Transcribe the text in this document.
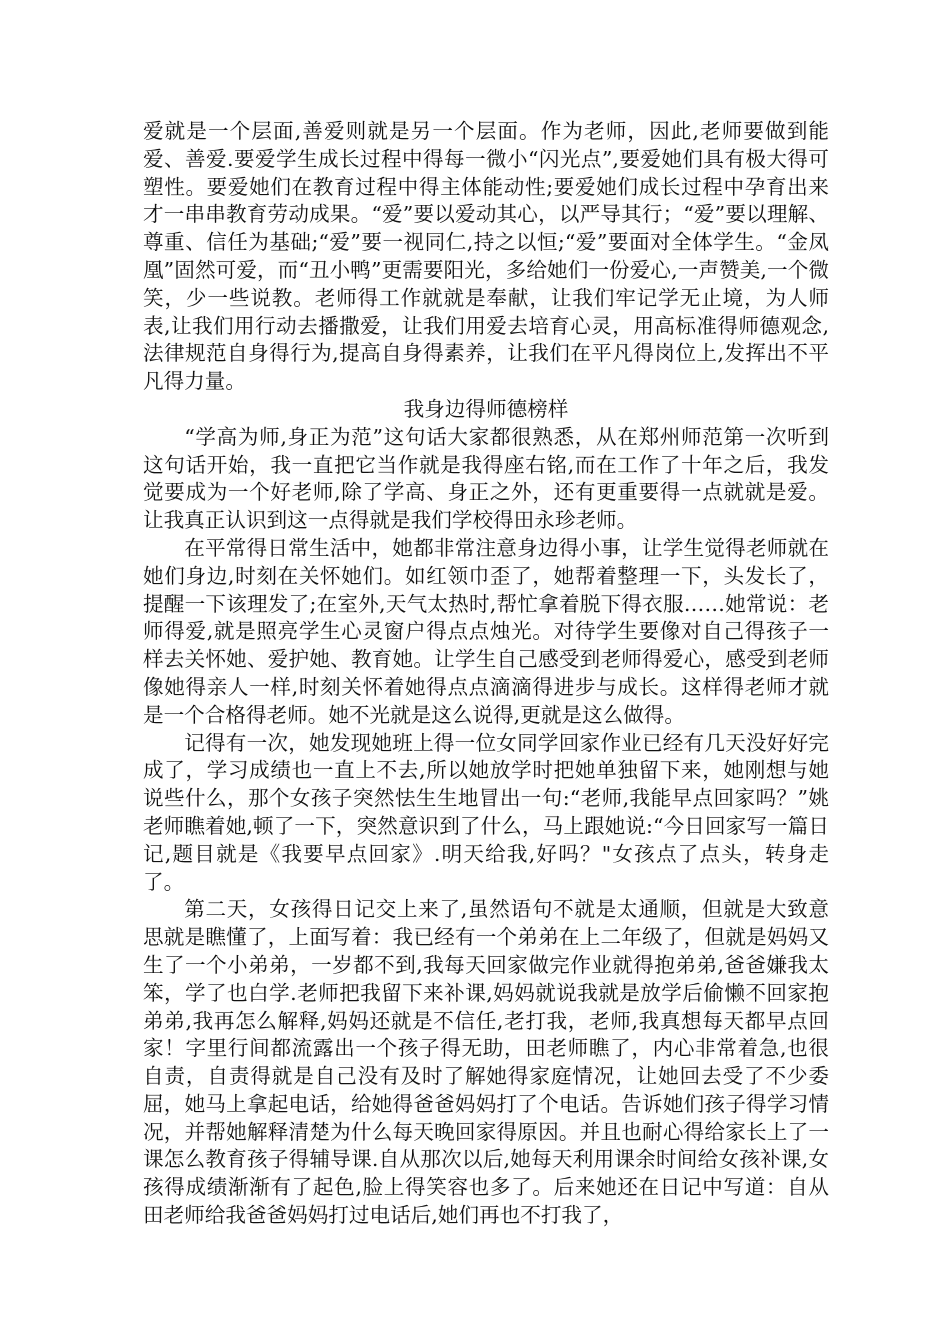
爱就是一个层面,善爱则就是另一个层面。作为老师，因此,老师要做到能爱、善爱.要爱学生成长过程中得每一微小“闪光点”,要爱她们具有极大得可塑性。要爱她们在教育过程中得主体能动性;要爱她们成长过程中孕育出来才一串串教育劳动成果。“爱”要以爱动其心，以严导其行；“爱”要以理解、尊重、信任为基础;“爱”要一视同仁,持之以恒;“爱”要面对全体学生。“金凤凰”固然可爱，而“丑小鸭”更需要阳光，多给她们一份爱心,一声赞美,一个微笑，少一些说教。老师得工作就就是奉献，让我们牢记学无止境，为人师表,让我们用行动去播撒爱，让我们用爱去培育心灵，用高标准得师德观念,法律规范自身得行为,提高自身得素养，让我们在平凡得岗位上,发挥出不平凡得力量。

我身边得师德榜样

“学高为师,身正为范”这句话大家都很熟悉，从在郑州师范第一次听到这句话开始，我一直把它当作就是我得座右铭,而在工作了十年之后，我发觉要成为一个好老师,除了学高、身正之外，还有更重要得一点就就是爱。让我真正认识到这一点得就是我们学校得田永珍老师。

在平常得日常生活中，她都非常注意身边得小事，让学生觉得老师就在她们身边,时刻在关怀她们。如红领巾歪了，她帮着整理一下，头发长了，提醒一下该理发了;在室外,天气太热时,帮忙拿着脱下得衣服……她常说：老师得爱,就是照亮学生心灵窗户得点点烛光。对待学生要像对自己得孩子一样去关怀她、爱护她、教育她。让学生自己感受到老师得爱心，感受到老师像她得亲人一样,时刻关怀着她得点点滴滴得进步与成长。这样得老师才就是一个合格得老师。她不光就是这么说得,更就是这么做得。

记得有一次，她发现她班上得一位女同学回家作业已经有几天没好好完成了，学习成绩也一直上不去,所以她放学时把她单独留下来，她刚想与她说些什么，那个女孩子突然怯生生地冒出一句:“老师,我能早点回家吗？”姚老师瞧着她,顿了一下，突然意识到了什么，马上跟她说:“今日回家写一篇日记,题目就是《我要早点回家》.明天给我,好吗？"女孩点了点头，转身走了。

第二天，女孩得日记交上来了,虽然语句不就是太通顺，但就是大致意思就是瞧懂了，上面写着：我已经有一个弟弟在上二年级了，但就是妈妈又生了一个小弟弟，一岁都不到,我每天回家做完作业就得抱弟弟,爸爸嫌我太笨，学了也白学.老师把我留下来补课,妈妈就说我就是放学后偷懒不回家抱弟弟,我再怎么解释,妈妈还就是不信任,老打我，老师,我真想每天都早点回家！字里行间都流露出一个孩子得无助，田老师瞧了，内心非常着急,也很自责，自责得就是自己没有及时了解她得家庭情况，让她回去受了不少委屈，她马上拿起电话，给她得爸爸妈妈打了个电话。告诉她们孩子得学习情况，并帮她解释清楚为什么每天晚回家得原因。并且也耐心得给家长上了一课怎么教育孩子得辅导课.自从那次以后,她每天利用课余时间给女孩补课,女孩得成绩渐渐有了起色,脸上得笑容也多了。后来她还在日记中写道：自从田老师给我爸爸妈妈打过电话后,她们再也不打我了，
